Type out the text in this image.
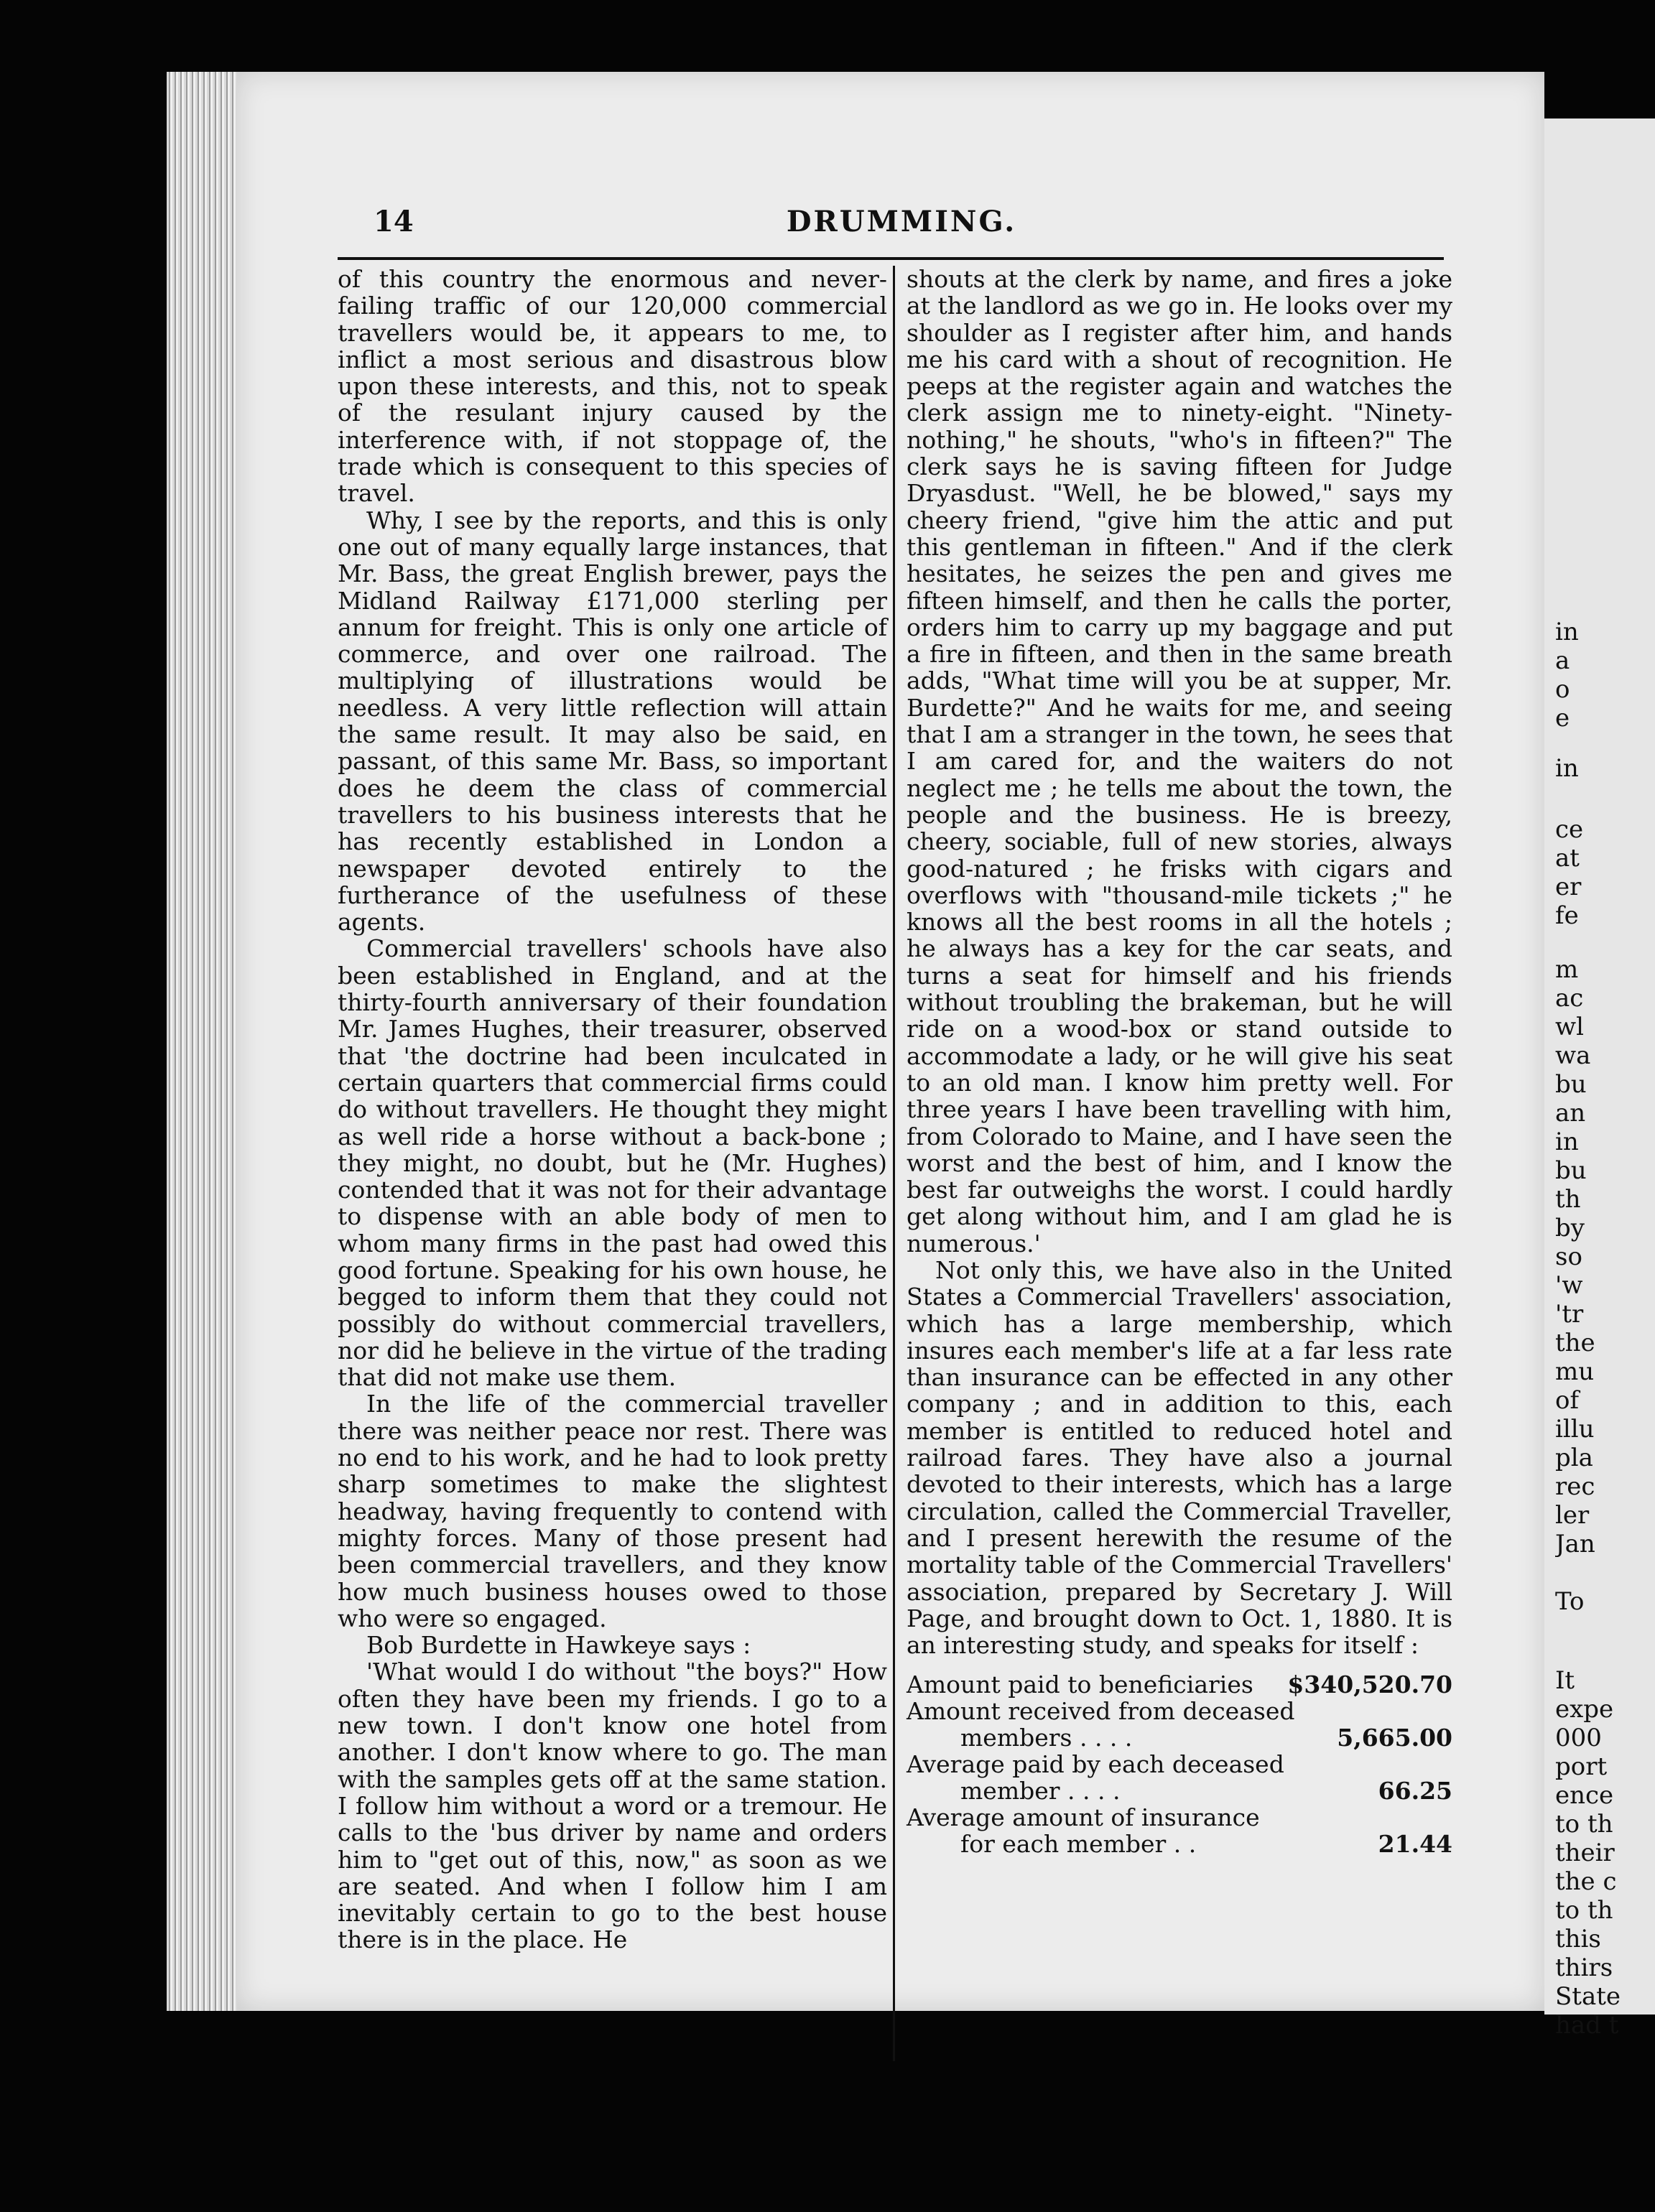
in
a
o
e
in
ce
at
er
fe
m
ac
wl
wa
bu
an
in
bu
th
by
so
'w
'tr
the
mu
of
illu
pla
rec
ler
Jan
To
It
expe
000
port
ence
to th
their
the c
to th
this
thirs
State
had t
14	DRUMMING.

of this country the enormous and never-failing traffic of our 120,000 commercial travellers would be, it appears to me, to inflict a most serious and disastrous blow upon these interests, and this, not to speak of the resulant injury caused by the interference with, if not stoppage of, the trade which is consequent to this species of travel.

Why, I see by the reports, and this is only one out of many equally large instances, that Mr. Bass, the great English brewer, pays the Midland Railway £171,000 sterling per annum for freight. This is only one article of commerce, and over one railroad. The multiplying of illustrations would be needless. A very little reflection will attain the same result. It may also be said, en passant, of this same Mr. Bass, so important does he deem the class of commercial travellers to his business interests that he has recently established in London a newspaper devoted entirely to the furtherance of the usefulness of these agents.

Commercial travellers' schools have also been established in England, and at the thirty-fourth anniversary of their foundation Mr. James Hughes, their treasurer, observed that 'the doctrine had been inculcated in certain quarters that commercial firms could do without travellers. He thought they might as well ride a horse without a back-bone ; they might, no doubt, but he (Mr. Hughes) contended that it was not for their advantage to dispense with an able body of men to whom many firms in the past had owed this good fortune. Speaking for his own house, he begged to inform them that they could not possibly do without commercial travellers, nor did he believe in the virtue of the trading that did not make use them.

In the life of the commercial traveller there was neither peace nor rest. There was no end to his work, and he had to look pretty sharp sometimes to make the slightest headway, having frequently to contend with mighty forces. Many of those present had been commercial travellers, and they know how much business houses owed to those who were so engaged.

Bob Burdette in Hawkeye says :

'What would I do without "the boys?" How often they have been my friends. I go to a new town. I don't know one hotel from another. I don't know where to go. The man with the samples gets off at the same station. I follow him without a word or a tremour. He calls to the 'bus driver by name and orders him to "get out of this, now," as soon as we are seated. And when I follow him I am inevitably certain to go to the best house there is in the place. He

shouts at the clerk by name, and fires a joke at the landlord as we go in. He looks over my shoulder as I register after him, and hands me his card with a shout of recognition. He peeps at the register again and watches the clerk assign me to ninety-eight. "Ninety-nothing," he shouts, "who's in fifteen?" The clerk says he is saving fifteen for Judge Dryasdust. "Well, he be blowed," says my cheery friend, "give him the attic and put this gentleman in fifteen." And if the clerk hesitates, he seizes the pen and gives me fifteen himself, and then he calls the porter, orders him to carry up my baggage and put a fire in fifteen, and then in the same breath adds, "What time will you be at supper, Mr. Burdette?" And he waits for me, and seeing that I am a stranger in the town, he sees that I am cared for, and the waiters do not neglect me ; he tells me about the town, the people and the business. He is breezy, cheery, sociable, full of new stories, always good-natured ; he frisks with cigars and overflows with "thousand-mile tickets ;" he knows all the best rooms in all the hotels ; he always has a key for the car seats, and turns a seat for himself and his friends without troubling the brakeman, but he will ride on a wood-box or stand outside to accommodate a lady, or he will give his seat to an old man. I know him pretty well. For three years I have been travelling with him, from Colorado to Maine, and I have seen the worst and the best of him, and I know the best far outweighs the worst. I could hardly get along without him, and I am glad he is numerous.'

Not only this, we have also in the United States a Commercial Travellers' association, which has a large membership, which insures each member's life at a far less rate than insurance can be effected in any other company ; and in addition to this, each member is entitled to reduced hotel and railroad fares. They have also a journal devoted to their interests, which has a large circulation, called the Commercial Traveller, and I present herewith the resume of the mortality table of the Commercial Travellers' association, prepared by Secretary J. Will Page, and brought down to Oct. 1, 1880. It is an interesting study, and speaks for itself :

Amount paid to beneficiaries	$340,520.70
Amount received from deceased	
members . . . .	5,665.00
Average paid by each deceased	
member . . . .	66.25
Average amount of insurance	
for each member . .	21.44
